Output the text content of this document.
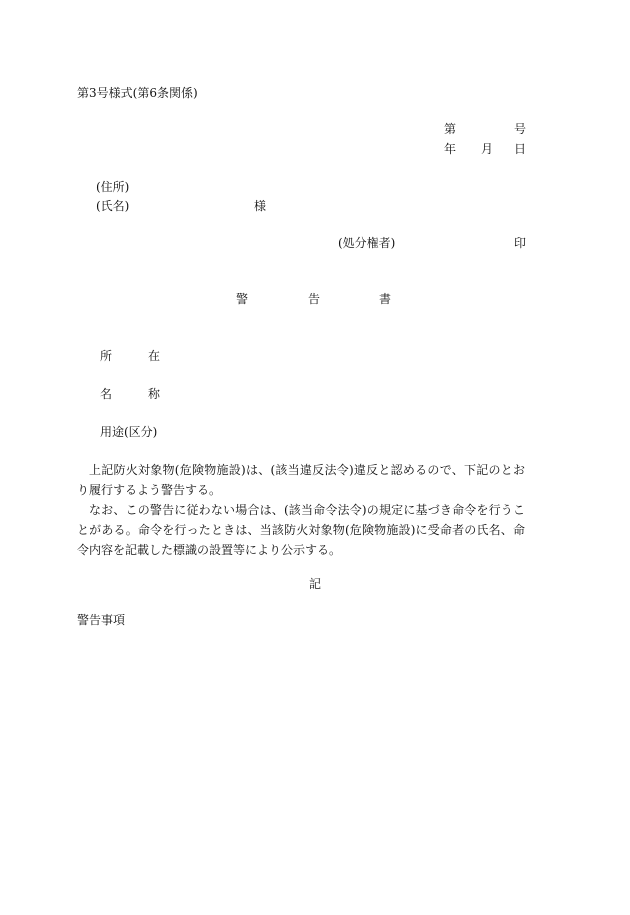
第3号様式(第6条関係)
第	号
年 月 日
(住所)
(氏名)	様
(処分権者)	印
警	告	書
所	在
名	称
用途(区分)

上記防火対象物(危険物施設)は、(該当違反法令)違反と認めるので、下記のとおり履行するよう警告する。

なお、この警告に従わない場合は、(該当命令法令)の規定に基づき命令を行うことがある。命令を行ったときは、当該防火対象物(危険物施設)に受命者の氏名、命令内容を記載した標識の設置等により公示する。

記
警告事項
